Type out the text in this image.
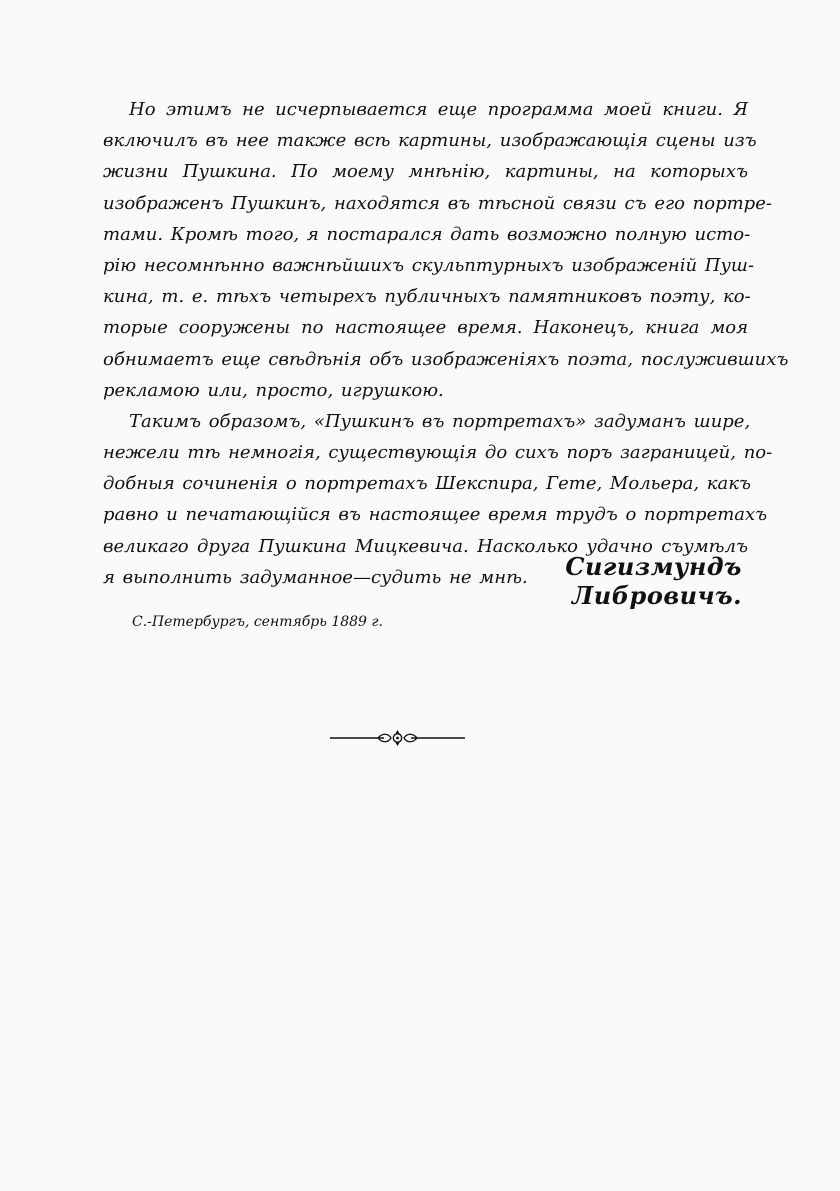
Но этимъ не исчерпывается еще программа моей книги. Я
включилъ въ нее также всѣ картины, изображающія сцены изъ
жизни Пушкина. По моему мнѣнію, картины, на которыхъ
изображенъ Пушкинъ, находятся въ тѣсной связи съ его портре-
тами. Кромѣ того, я постарался дать возможно полную исто-
рію несомнѣнно важнѣйшихъ скульптурныхъ изображеній Пуш-
кина, т. е. тѣхъ четырехъ публичныхъ памятниковъ поэту, ко-
торые сооружены по настоящее время. Наконецъ, книга моя
обнимаетъ еще свѣдѣнія объ изображеніяхъ поэта, послужившихъ
рекламою или, просто, игрушкою.
Такимъ образомъ, «Пушкинъ въ портретахъ» задуманъ шире,
нежели тѣ немногія, существующія до сихъ поръ заграницей, по-
добныя сочиненія о портретахъ Шекспира, Гете, Мольера, какъ
равно и печатающійся въ настоящее время трудъ о портретахъ
великаго друга Пушкина Мицкевича. Насколько удачно съумѣлъ
я выполнить задуманное—судить не мнѣ.	Сигизмундъ Либровичъ.
С.-Петербургъ, сентябрь 1889 г.
